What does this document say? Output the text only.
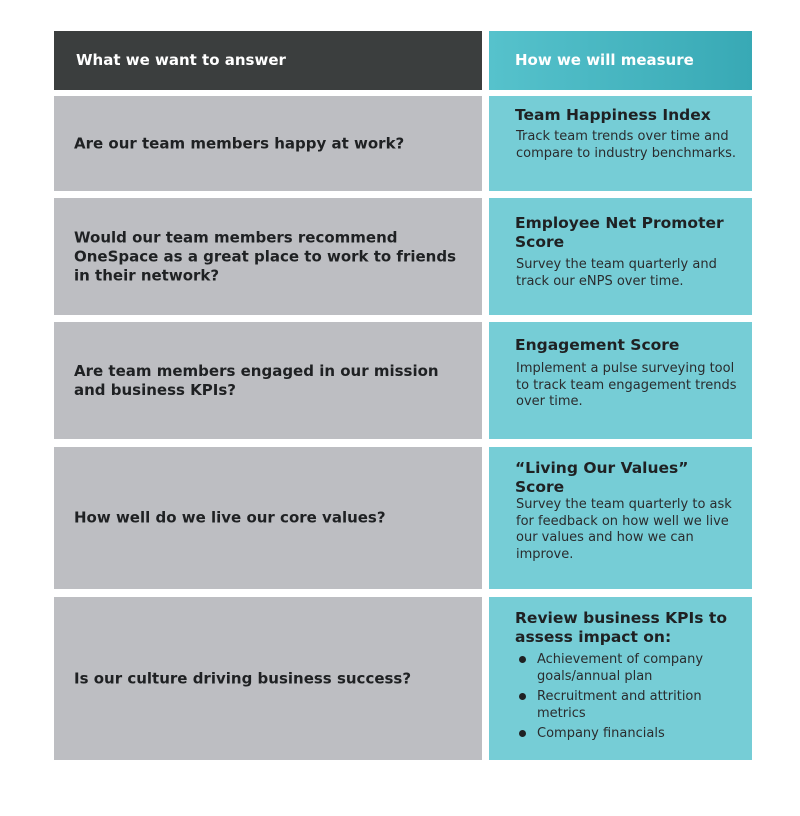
What we want to answer	How we will measure
Are our team members happy at work?
Team Happiness Index
Track team trends over time and compare to industry benchmarks.
Would our team members recommend OneSpace as a great place to work to friends in their network?
Employee Net Promoter Score
Survey the team quarterly and track our eNPS over time.
Are team members engaged in our mission and business KPIs?
Engagement Score
Implement a pulse surveying tool to track team engagement trends over time.
How well do we live our core values?
“Living Our Values” Score
Survey the team quarterly to ask for feedback on how well we live our values and how we can improve.
Is our culture driving business success?
Review business KPIs to assess impact on:
Achievement of company goals/annual plan
Recruitment and attrition metrics
Company financials
